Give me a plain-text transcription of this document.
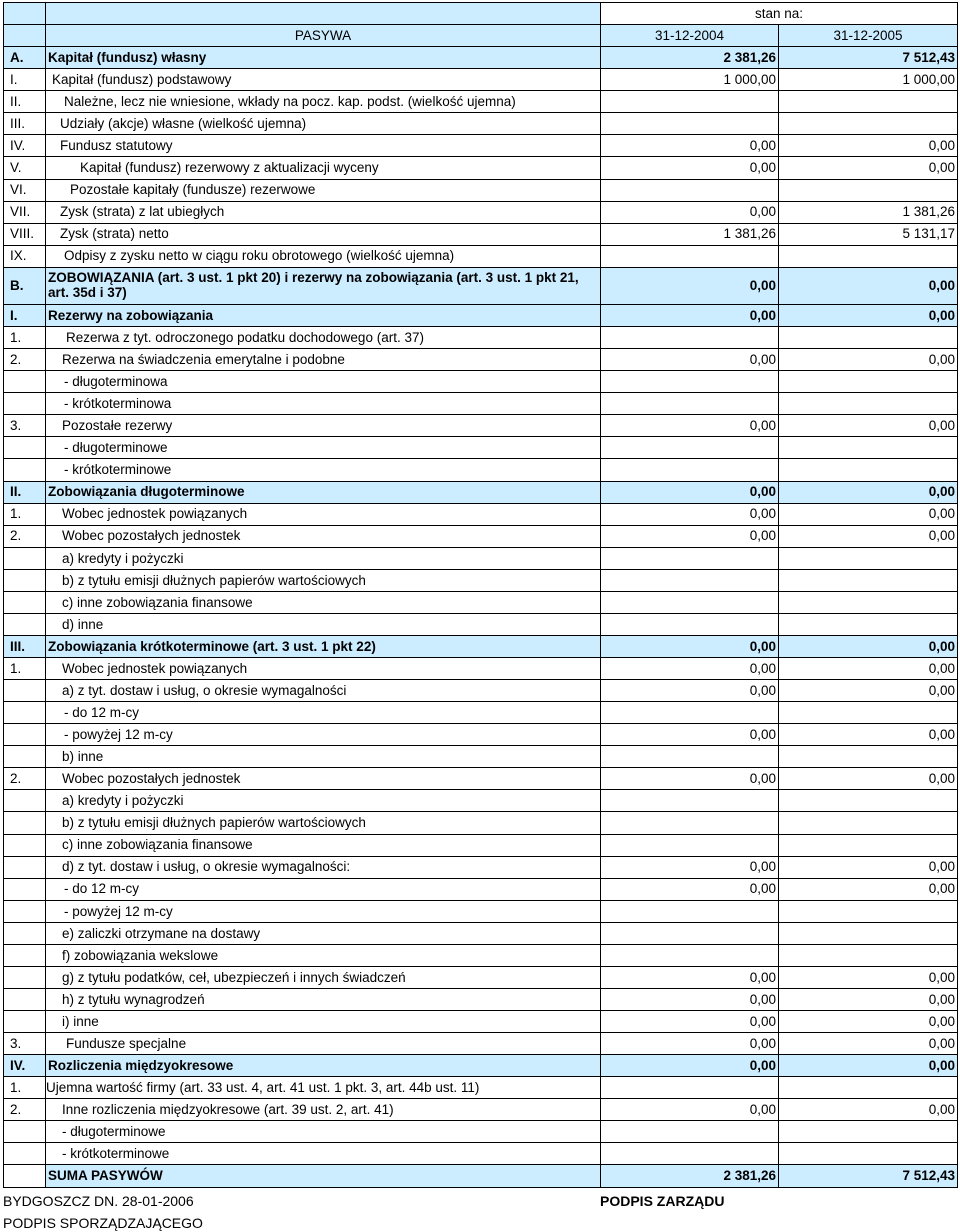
		stan na:	
	PASYWA	31-12-2004	31-12-2005
A.	Kapitał (fundusz) własny	2 381,26	7 512,43
I.	Kapitał (fundusz) podstawowy	1 000,00	1 000,00
II.	Należne, lecz nie wniesione, wkłady na pocz. kap. podst. (wielkość ujemna)		
III.	Udziały (akcje) własne (wielkość ujemna)		
IV.	Fundusz statutowy	0,00	0,00
V.	Kapitał (fundusz) rezerwowy z aktualizacji wyceny	0,00	0,00
VI.	Pozostałe kapitały (fundusze) rezerwowe		
VII.	Zysk (strata) z lat ubiegłych	0,00	1 381,26
VIII.	Zysk (strata) netto	1 381,26	5 131,17
IX.	Odpisy z zysku netto w ciągu roku obrotowego (wielkość ujemna)		
B.	ZOBOWIĄZANIA (art. 3 ust. 1 pkt 20) i rezerwy na zobowiązania (art. 3 ust. 1 pkt 21, art. 35d i 37)	0,00	0,00
I.	Rezerwy na zobowiązania	0,00	0,00
1.	Rezerwa z tyt. odroczonego podatku dochodowego (art. 37)		
2.	Rezerwa na świadczenia emerytalne i podobne	0,00	0,00
	- długoterminowa		
	- krótkoterminowa		
3.	Pozostałe rezerwy	0,00	0,00
	- długoterminowe		
	- krótkoterminowe		
II.	Zobowiązania długoterminowe	0,00	0,00
1.	Wobec jednostek powiązanych	0,00	0,00
2.	Wobec pozostałych jednostek	0,00	0,00
	a) kredyty i pożyczki		
	b) z tytułu emisji dłużnych papierów wartościowych		
	c) inne zobowiązania finansowe		
	d) inne		
III.	Zobowiązania krótkoterminowe (art. 3 ust. 1 pkt 22)	0,00	0,00
1.	Wobec jednostek powiązanych	0,00	0,00
	a) z tyt. dostaw i usług, o okresie wymagalności	0,00	0,00
	- do 12 m-cy		
	- powyżej 12 m-cy	0,00	0,00
	b) inne		
2.	Wobec pozostałych jednostek	0,00	0,00
	a) kredyty i pożyczki		
	b) z tytułu emisji dłużnych papierów wartościowych		
	c) inne zobowiązania finansowe		
	d) z tyt. dostaw i usług, o okresie wymagalności:	0,00	0,00
	- do 12 m-cy	0,00	0,00
	- powyżej 12 m-cy		
	e) zaliczki otrzymane na dostawy		
	f) zobowiązania wekslowe		
	g) z tytułu podatków, ceł, ubezpieczeń i innych świadczeń	0,00	0,00
	h) z tytułu wynagrodzeń	0,00	0,00
	i) inne	0,00	0,00
3.	Fundusze specjalne	0,00	0,00
IV.	Rozliczenia międzyokresowe	0,00	0,00
1.	Ujemna wartość firmy (art. 33 ust. 4, art. 41 ust. 1 pkt. 3, art. 44b ust. 11)		
2.	Inne rozliczenia międzyokresowe (art. 39 ust. 2, art. 41)	0,00	0,00
	- długoterminowe		
	- krótkoterminowe		
	SUMA PASYWÓW	2 381,26	7 512,43
BYDGOSZCZ DN. 28-01-2006	PODPIS ZARZĄDU
PODPIS SPORZĄDZAJĄCEGO
